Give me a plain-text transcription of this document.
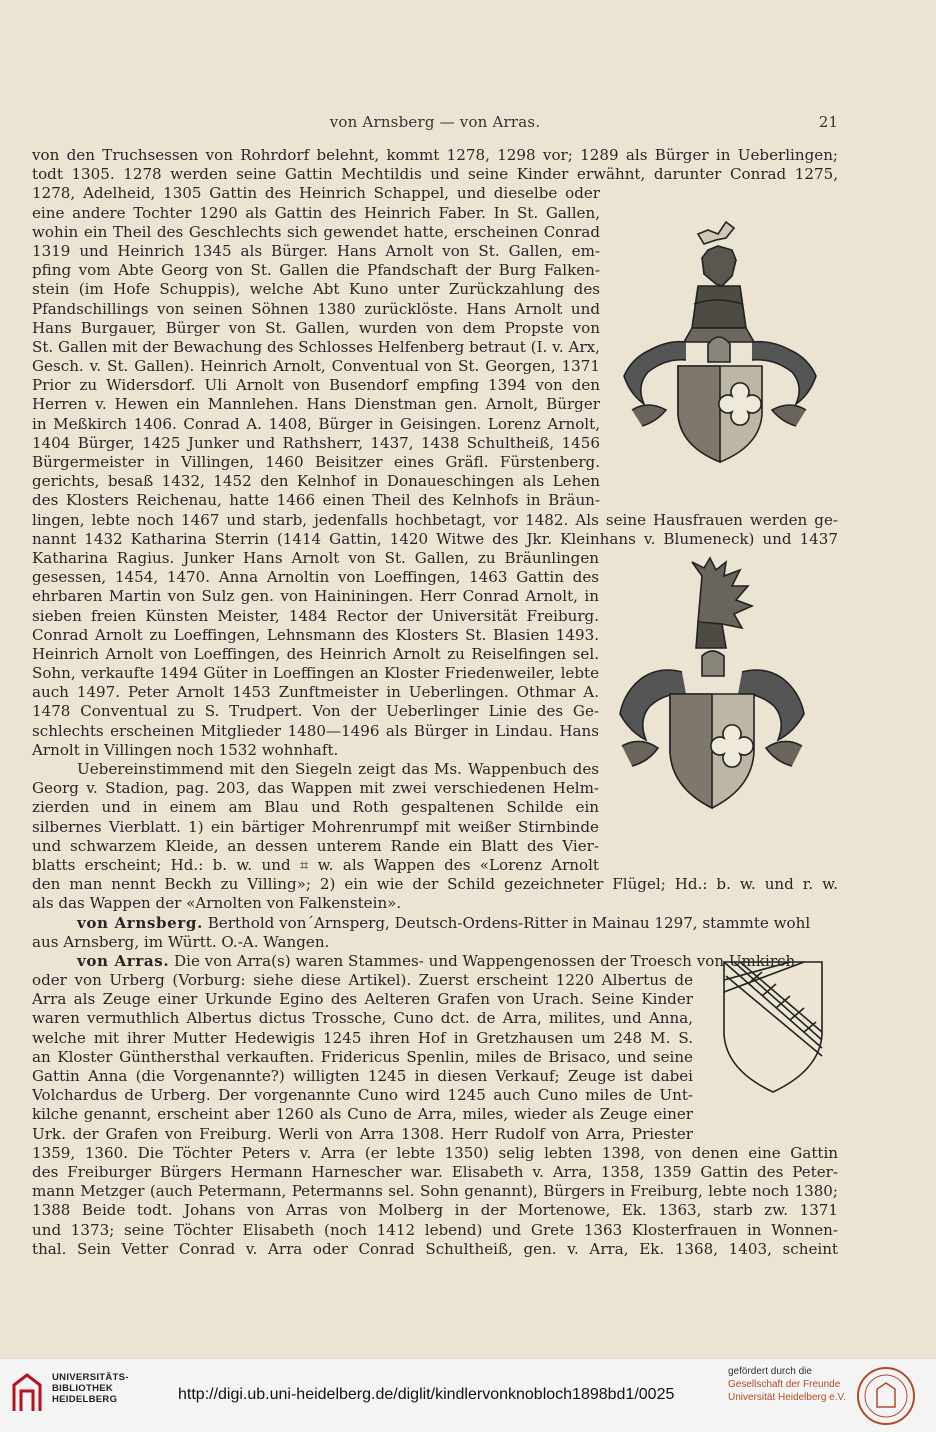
von Arnsberg — von Arras.	21
von den Truchsessen von Rohrdorf belehnt, kommt 1278, 1298 vor; 1289 als Bürger in Ueberlingen;
todt 1305. 1278 werden seine Gattin Mechtildis und seine Kinder erwähnt, darunter Conrad 1275,
1278, Adelheid, 1305 Gattin des Heinrich Schappel, und dieselbe oder
eine andere Tochter 1290 als Gattin des Heinrich Faber. In St. Gallen,
wohin ein Theil des Geschlechts sich gewendet hatte, erscheinen Conrad
1319 und Heinrich 1345 als Bürger. Hans Arnolt von St. Gallen, em-
pfing vom Abte Georg von St. Gallen die Pfandschaft der Burg Falken-
stein (im Hofe Schuppis), welche Abt Kuno unter Zurückzahlung des
Pfandschillings von seinen Söhnen 1380 zurücklöste. Hans Arnolt und
Hans Burgauer, Bürger von St. Gallen, wurden von dem Propste von
St. Gallen mit der Bewachung des Schlosses Helfenberg betraut (I. v. Arx,
Gesch. v. St. Gallen). Heinrich Arnolt, Conventual von St. Georgen, 1371
Prior zu Widersdorf. Uli Arnolt von Busendorf empfing 1394 von den
Herren v. Hewen ein Mannlehen. Hans Dienstman gen. Arnolt, Bürger
in Meßkirch 1406. Conrad A. 1408, Bürger in Geisingen. Lorenz Arnolt,
1404 Bürger, 1425 Junker und Rathsherr, 1437, 1438 Schultheiß, 1456
Bürgermeister in Villingen, 1460 Beisitzer eines Gräfl. Fürstenberg.
gerichts, besaß 1432, 1452 den Kelnhof in Donaueschingen als Lehen
des Klosters Reichenau, hatte 1466 einen Theil des Kelnhofs in Bräun-
lingen, lebte noch 1467 und starb, jedenfalls hochbetagt, vor 1482. Als seine Hausfrauen werden ge-
nannt 1432 Katharina Sterrin (1414 Gattin, 1420 Witwe des Jkr. Kleinhans v. Blumeneck) und 1437
Katharina Ragius. Junker Hans Arnolt von St. Gallen, zu Bräunlingen
gesessen, 1454, 1470. Anna Arnoltin von Loeffingen, 1463 Gattin des
ehrbaren Martin von Sulz gen. von Haininingen. Herr Conrad Arnolt, in
sieben freien Künsten Meister, 1484 Rector der Universität Freiburg.
Conrad Arnolt zu Loeffingen, Lehnsmann des Klosters St. Blasien 1493.
Heinrich Arnolt von Loeffingen, des Heinrich Arnolt zu Reiselfingen sel.
Sohn, verkaufte 1494 Güter in Loeffingen an Kloster Friedenweiler, lebte
auch 1497. Peter Arnolt 1453 Zunftmeister in Ueberlingen. Othmar A.
1478 Conventual zu S. Trudpert. Von der Ueberlinger Linie des Ge-
schlechts erscheinen Mitglieder 1480—1496 als Bürger in Lindau. Hans
Arnolt in Villingen noch 1532 wohnhaft.
Uebereinstimmend mit den Siegeln zeigt das Ms. Wappenbuch des
Georg v. Stadion, pag. 203, das Wappen mit zwei verschiedenen Helm-
zierden und in einem am Blau und Roth gespaltenen Schilde ein
silbernes Vierblatt. 1) ein bärtiger Mohrenrumpf mit weißer Stirnbinde
und schwarzem Kleide, an dessen unterem Rande ein Blatt des Vier-
blatts erscheint; Hd.: b. w. und ⌗ w. als Wappen des «Lorenz Arnolt
den man nennt Beckh zu Villing»; 2) ein wie der Schild gezeichneter Flügel; Hd.: b. w. und r. w.
als das Wappen der «Arnolten von Falkenstein».
von Arnsberg. Berthold von´Arnsperg, Deutsch-Ordens-Ritter in Mainau 1297, stammte wohl
aus Arnsberg, im Württ. O.-A. Wangen.
von Arras. Die von Arra(s) waren Stammes- und Wappengenossen der Troesch von Umkirch
oder von Urberg (Vorburg: siehe diese Artikel). Zuerst erscheint 1220 Albertus de
Arra als Zeuge einer Urkunde Egino des Aelteren Grafen von Urach. Seine Kinder
waren vermuthlich Albertus dictus Trossche, Cuno dct. de Arra, milites, und Anna,
welche mit ihrer Mutter Hedewigis 1245 ihren Hof in Gretzhausen um 248 M. S.
an Kloster Günthersthal verkauften. Fridericus Spenlin, miles de Brisaco, und seine
Gattin Anna (die Vorgenannte?) willigten 1245 in diesen Verkauf; Zeuge ist dabei
Volchardus de Urberg. Der vorgenannte Cuno wird 1245 auch Cuno miles de Unt-
kilche genannt, erscheint aber 1260 als Cuno de Arra, miles, wieder als Zeuge einer
Urk. der Grafen von Freiburg. Werli von Arra 1308. Herr Rudolf von Arra, Priester
1359, 1360. Die Töchter Peters v. Arra (er lebte 1350) selig lebten 1398, von denen eine Gattin
des Freiburger Bürgers Hermann Harnescher war. Elisabeth v. Arra, 1358, 1359 Gattin des Peter-
mann Metzger (auch Petermann, Petermanns sel. Sohn genannt), Bürgers in Freiburg, lebte noch 1380;
1388 Beide todt. Johans von Arras von Molberg in der Mortenowe, Ek. 1363, starb zw. 1371
und 1373; seine Töchter Elisabeth (noch 1412 lebend) und Grete 1363 Klosterfrauen in Wonnen-
thal. Sein Vetter Conrad v. Arra oder Conrad Schultheiß, gen. v. Arra, Ek. 1368, 1403, scheint
UNIVERSITÄTS-
BIBLIOTHEK
HEIDELBERG	http://digi.ub.uni-heidelberg.de/diglit/kindlervonknobloch1898bd1/0025
gefördert durch die

Gesellschaft der Freunde
Universität Heidelberg e.V.
